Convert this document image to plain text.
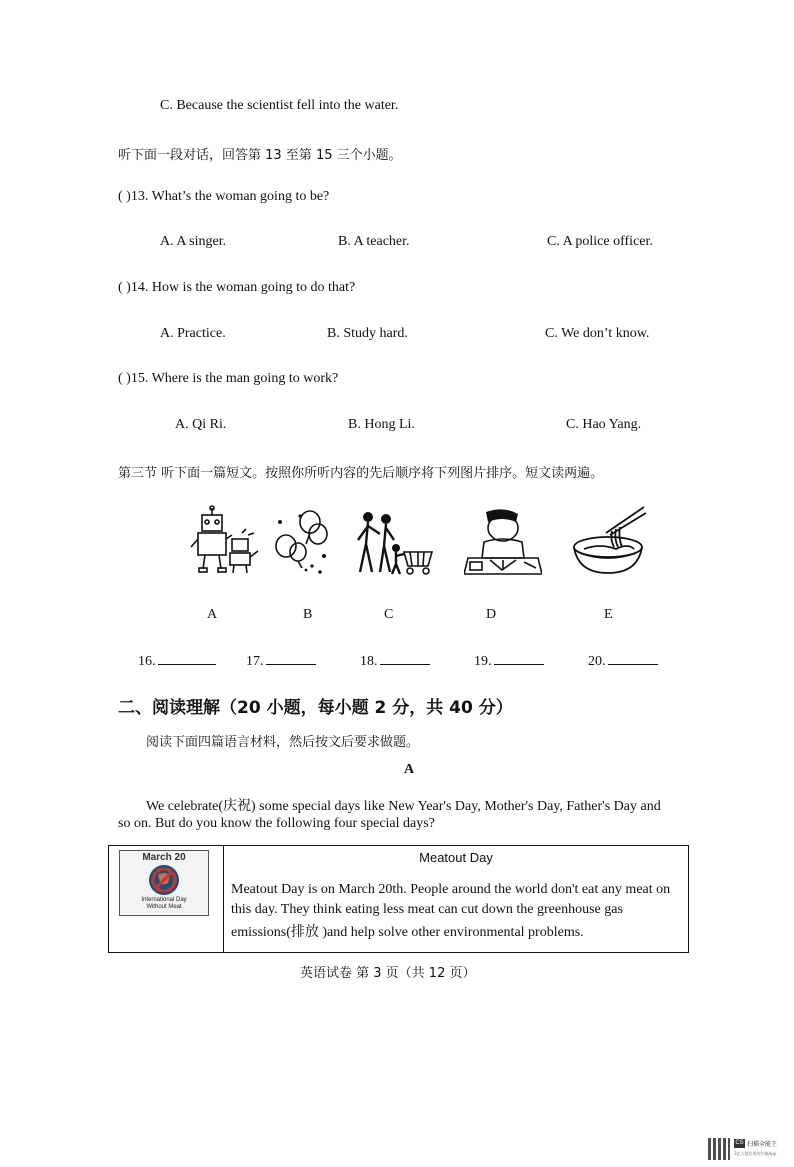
C. Because the scientist fell into the water.
听下面一段对话，回答第 13 至第 15 三个小题。
( )13. What’s the woman going to be?
A. A singer.	B. A teacher.	C. A police officer.
( )14. How is the woman going to do that?
A. Practice.	B. Study hard.	C. We don’t know.
( )15. Where is the man going to work?
A. Qi Ri.	B. Hong Li.	C. Hao Yang.
第三节 听下面一篇短文。按照你所听内容的先后顺序将下列图片排序。短文读两遍。
A	B	C	D	E
16.	17.	18.	19.	20.
二、阅读理解（20 小题，每小题 2 分，共 40 分）
阅读下面四篇语言材料，然后按文后要求做题。
A
We celebrate(庆祝) some special days like New Year's Day, Mother's Day, Father's Day and
so on. But do you know the following four special days?
March 20
International Day
Without Meat

Meatout Day
Meatout Day is on March 20th. People around the world don't eat any meat on
this day. They think eating less meat can cut down the greenhouse gas
emissions(排放 )and help solve other environmental problems.
英语试卷 第 3 页（共 12 页）
CS 扫描全能王
3亿人都在用的扫描App
